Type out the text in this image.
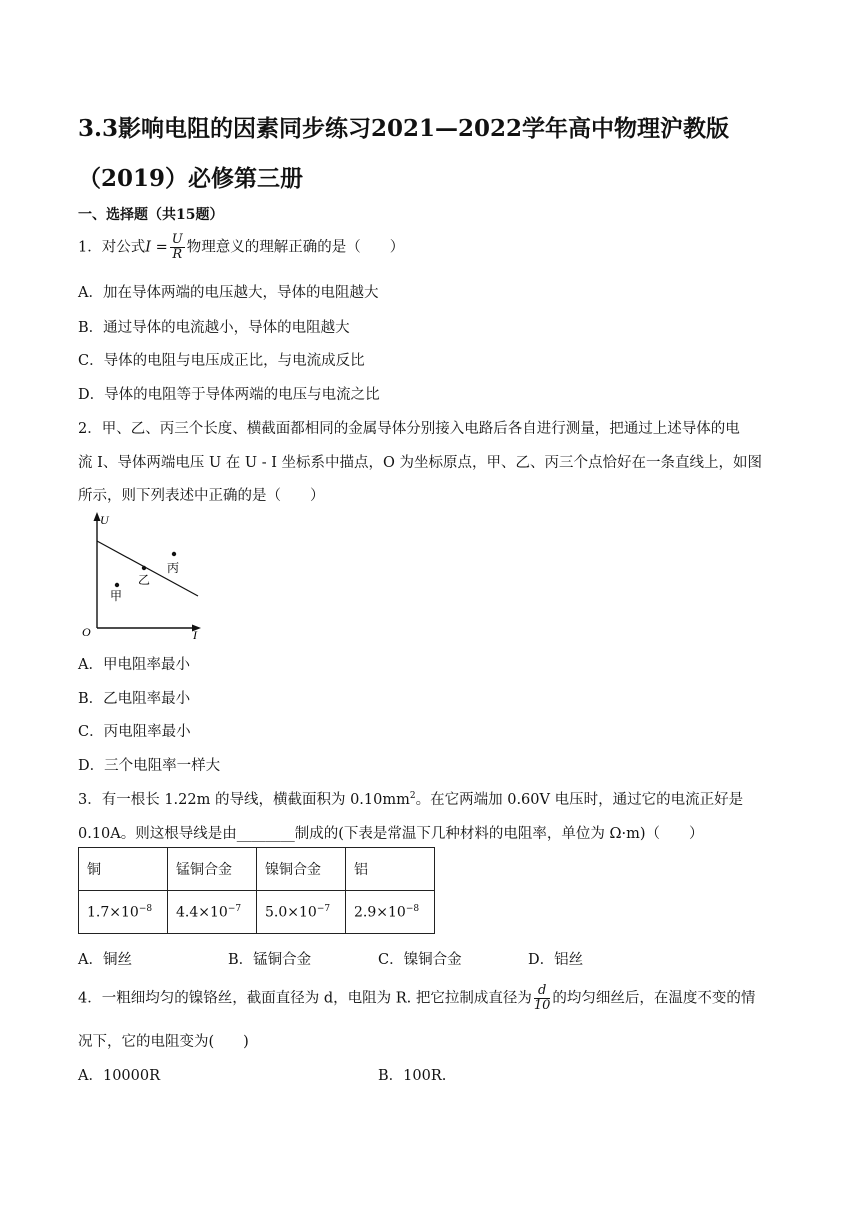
3.3影响电阻的因素同步练习2021—2022学年高中物理沪教版（2019）必修第三册
一、选择题（共15题）
1．对公式$I = \frac{U}{R}$ 物理意义的理解正确的是（　　）
A．加在导体两端的电压越大，导体的电阻越大
B．通过导体的电流越小，导体的电阻越大
C．导体的电阻与电压成正比，与电流成反比
D．导体的电阻等于导体两端的电压与电流之比
2．甲、乙、丙三个长度、横截面都相同的金属导体分别接入电路后各自进行测量，把通过上述导体的电
流 I、导体两端电压 U 在 U - I 坐标系中描点，O 为坐标原点，甲、乙、丙三个点恰好在一条直线上，如图
所示，则下列表述中正确的是（　　）
U
I
O
甲
乙
丙
A．甲电阻率最小
B．乙电阻率最小
C．丙电阻率最小
D．三个电阻率一样大
3．有一根长 1.22m 的导线，横截面积为 $0.10mm^2$。在它两端加 0.60V 电压时，通过它的电流正好是
0.10A。则这根导线是由________制成的(下表是常温下几种材料的电阻率，单位为 Ω·m)（　　）
铜	锰铜合金	镍铜合金	铝
$1.7\times 10^{-8}$	$4.4\times 10^{-7}$	$5.0\times 10^{-7}$	$2.9\times 10^{-8}$
A．铜丝	B．锰铜合金	C．镍铜合金	D．铝丝
4．一粗细均匀的镍铬丝，截面直径为 d，电阻为 R. 把它拉制成直径为 $\frac{d}{10}$ 的均匀细丝后，在温度不变的情
况下，它的电阻变为(　　)
A．10000R	B．100R.
